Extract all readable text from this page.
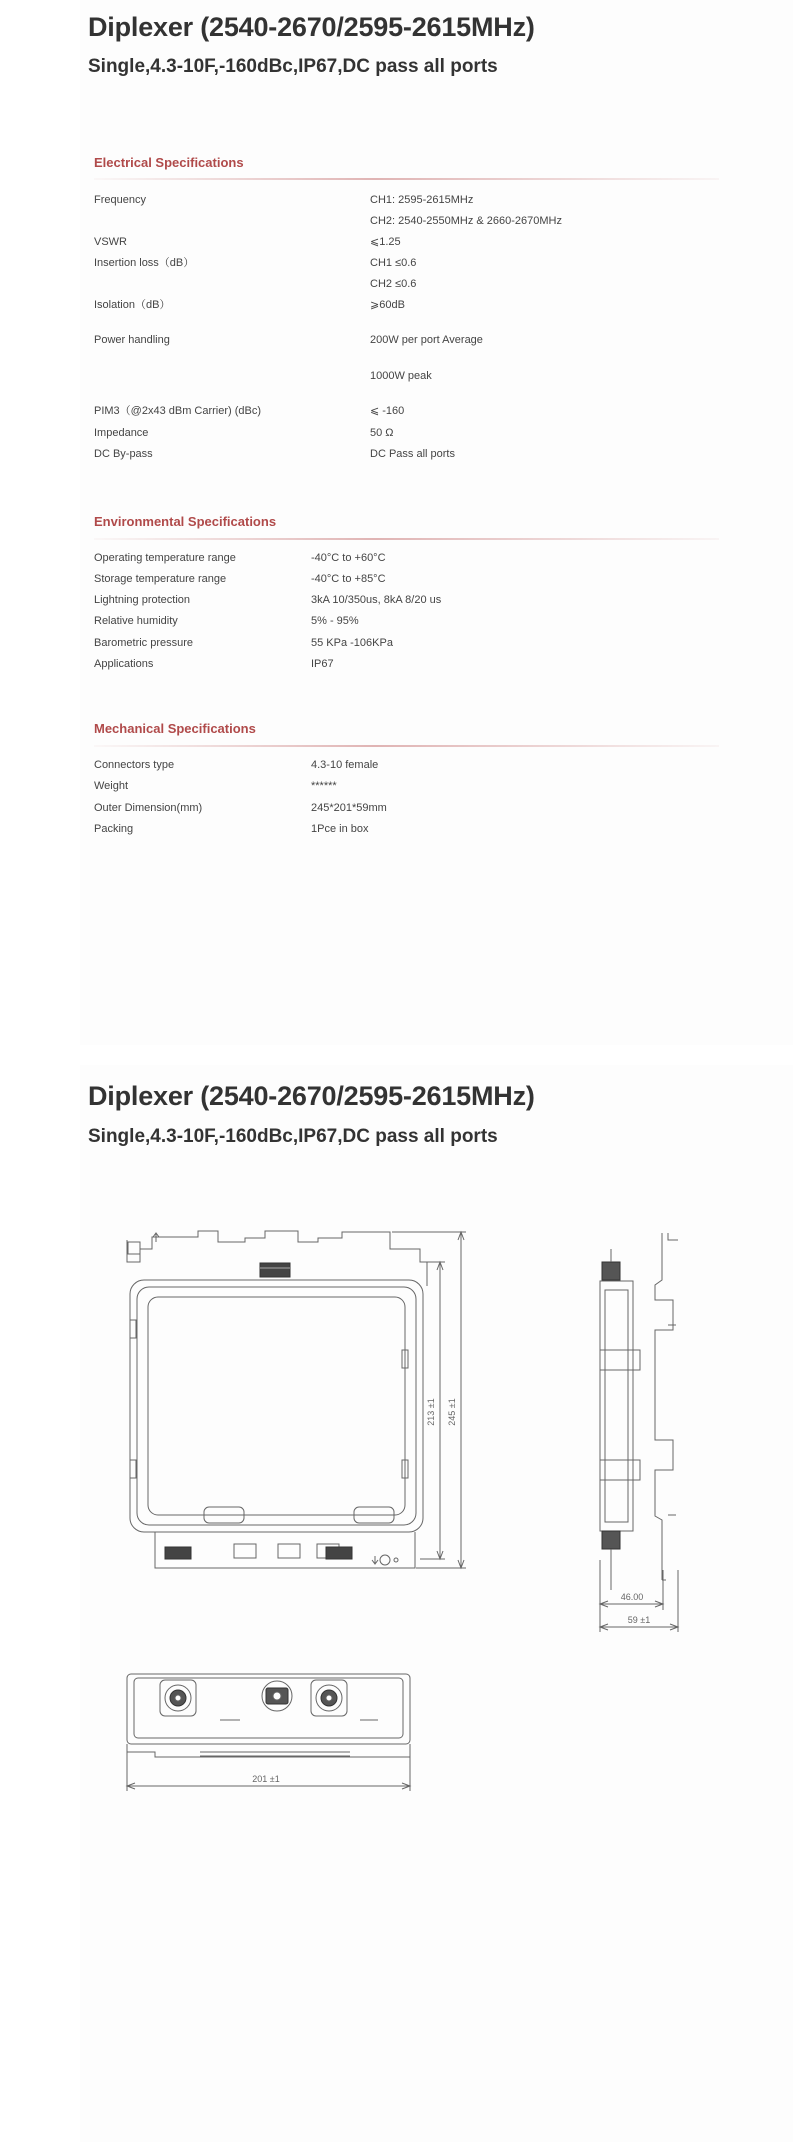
Diplexer (2540-2670/2595-2615MHz)
Single,4.3-10F,-160dBc,IP67,DC pass all ports
Electrical Specifications
Frequency	CH1: 2595-2615MHz
CH2: 2540-2550MHz & 2660-2670MHz
VSWR	⩽1.25
Insertion loss（dB）	CH1 ≤0.6
CH2 ≤0.6
Isolation（dB）	⩾60dB
Power handling	200W per port Average
1000W peak
PIM3（@2x43 dBm Carrier) (dBc)	⩽ -160
Impedance	50 Ω
DC By-pass	DC Pass all ports
Environmental Specifications
Operating temperature range	-40°C to +60°C
Storage temperature range	-40°C to +85°C
Lightning protection	3kA 10/350us, 8kA 8/20 us
Relative humidity	5% - 95%
Barometric pressure	55 KPa -106KPa
Applications	IP67
Mechanical Specifications
Connectors type	4.3-10 female
Weight	******
Outer Dimension(mm)	245*201*59mm
Packing	1Pce in box
Diplexer (2540-2670/2595-2615MHz)
Single,4.3-10F,-160dBc,IP67,DC pass all ports
213 ±1 245 ±1
46.00
59 ±1
201 ±1
